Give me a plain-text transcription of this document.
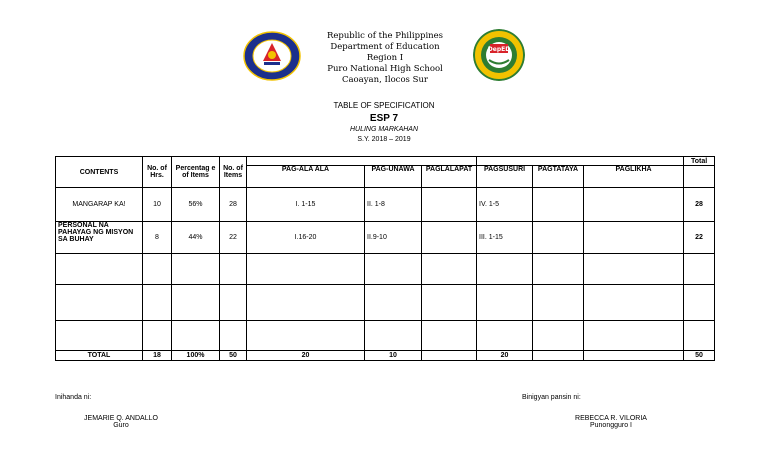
DepED
Republic of the Philippines
Department of Education
Region I
Puro National High School
Caoayan, Ilocos Sur
TABLE OF SPECIFICATION
ESP 7
HULING MARKAHAN
S.Y. 2018 – 2019
CONTENTS	No. of Hrs.	Percentag e of Items	No. of Items							Total
				PAG-ALA ALA	PAG-UNAWA	PAGLALAPAT	PAGSUSURI	PAGTATAYA	PAGLIKHA	
MANGARAP KA!	10	56%	28	I. 1-15	II. 1-8		IV. 1-5			28
PERSONAL NA PAHAYAG NG MISYON SA BUHAY	8	44%	22	I.16-20	II.9-10		III. 1-15			22

TOTAL	18	100%	50	20	10		20			50
Inihanda ni:
JEMARIE Q. ANDALLO
Guro
Binigyan pansin ni:
REBECCA R. VILORIA
Punongguro I
